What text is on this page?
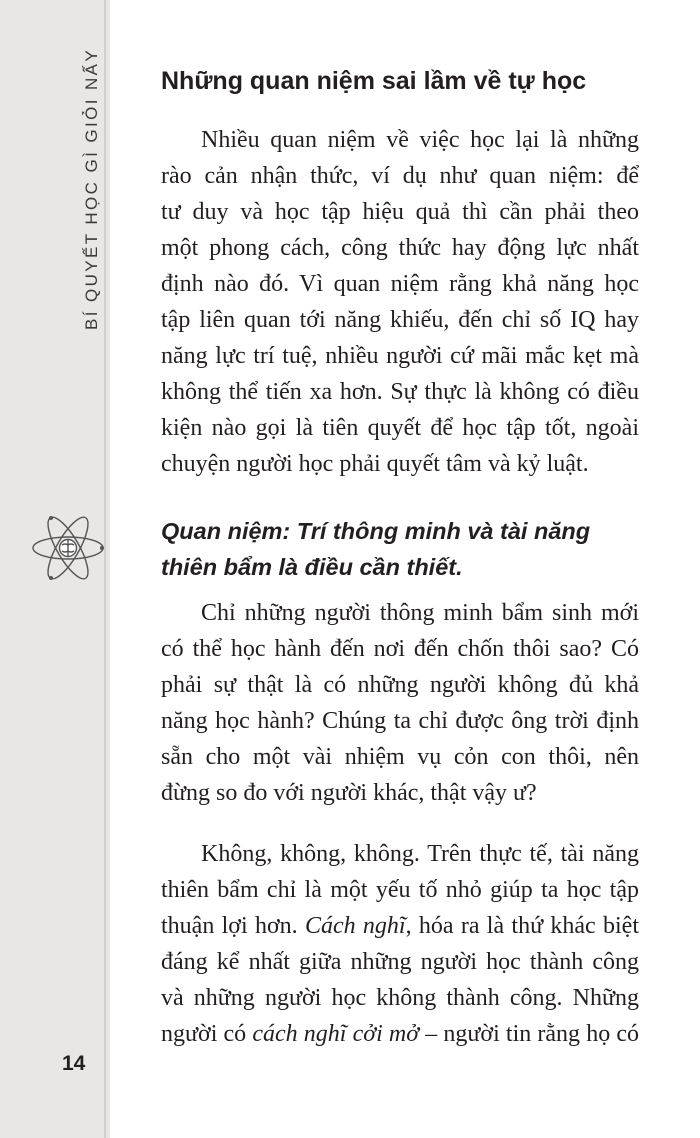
BÍ QUYẾT HỌC GÌ GIỎI NẤY
14
Những quan niệm sai lầm về tự học

Nhiều quan niệm về việc học lại là những
rào cản nhận thức, ví dụ như quan niệm: để
tư duy và học tập hiệu quả thì cần phải theo
một phong cách, công thức hay động lực nhất
định nào đó. Vì quan niệm rằng khả năng học
tập liên quan tới năng khiếu, đến chỉ số IQ hay
năng lực trí tuệ, nhiều người cứ mãi mắc kẹt mà
không thể tiến xa hơn. Sự thực là không có điều
kiện nào gọi là tiên quyết để học tập tốt, ngoài
chuyện người học phải quyết tâm và kỷ luật.

Quan niệm: Trí thông minh và tài năng
thiên bẩm là điều cần thiết.

Chỉ những người thông minh bẩm sinh mới
có thể học hành đến nơi đến chốn thôi sao? Có
phải sự thật là có những người không đủ khả
năng học hành? Chúng ta chỉ được ông trời định
sẵn cho một vài nhiệm vụ cỏn con thôi, nên
đừng so đo với người khác, thật vậy ư?

Không, không, không. Trên thực tế, tài năng
thiên bẩm chỉ là một yếu tố nhỏ giúp ta học tập
thuận lợi hơn. Cách nghĩ, hóa ra là thứ khác biệt
đáng kể nhất giữa những người học thành công
và những người học không thành công. Những
người có cách nghĩ cởi mở – người tin rằng họ có
